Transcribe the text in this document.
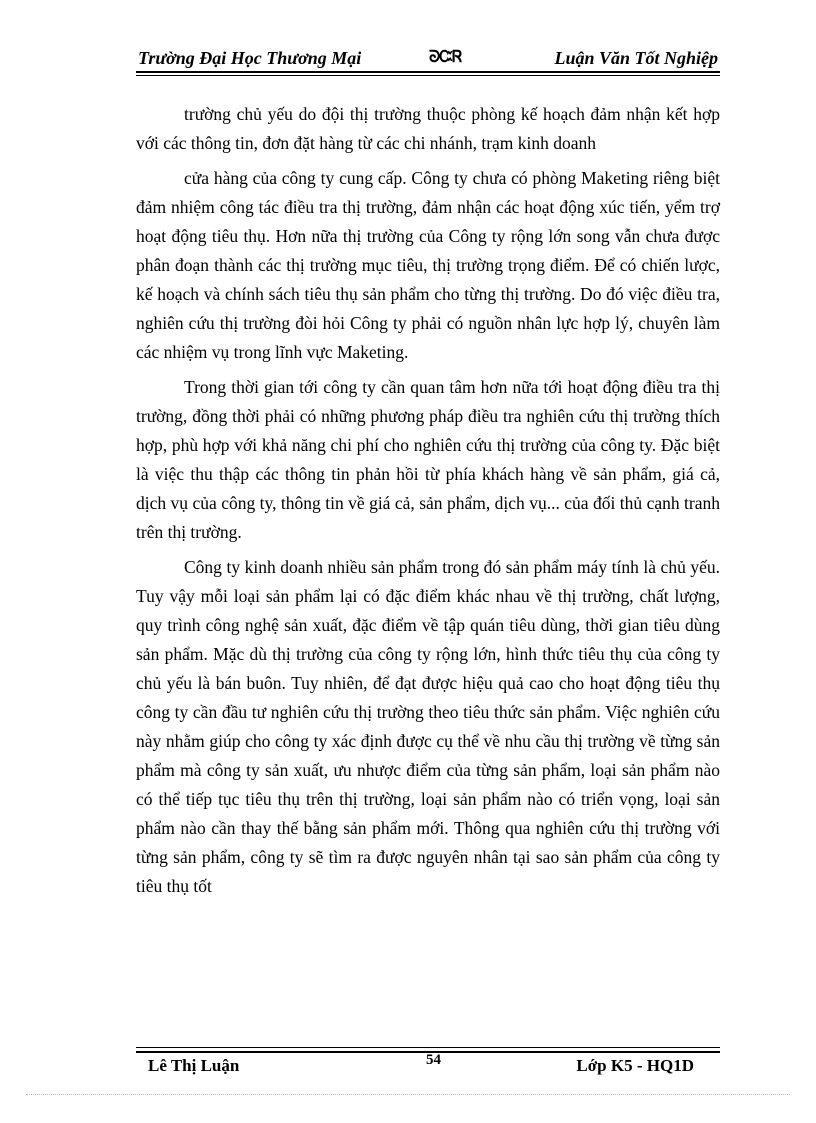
Trường Đại Học Thương Mại	ᘐᏨᏒ	Luận Văn Tốt Nghiệp

trường chủ yếu do đội thị trường thuộc phòng kế hoạch đảm nhận kết hợp với các thông tin, đơn đặt hàng từ các chi nhánh, trạm kinh doanh

cửa hàng của công ty cung cấp. Công ty chưa có phòng Maketing riêng biệt đảm nhiệm công tác điều tra thị trường, đảm nhận các hoạt động xúc tiến, yểm trợ hoạt động tiêu thụ. Hơn nữa thị trường của Công ty rộng lớn song vẫn chưa được phân đoạn thành các thị trường mục tiêu, thị trường trọng điểm. Để có chiến lược, kế hoạch và chính sách tiêu thụ sản phẩm cho từng thị trường. Do đó việc điều tra, nghiên cứu thị trường đòi hỏi Công ty phải có nguồn nhân lực hợp lý, chuyên làm các nhiệm vụ trong lĩnh vực Maketing.

Trong thời gian tới công ty cần quan tâm hơn nữa tới hoạt động điều tra thị trường, đồng thời phải có những phương pháp điều tra nghiên cứu thị trường thích hợp, phù hợp với khả năng chi phí cho nghiên cứu thị trường của công ty. Đặc biệt là việc thu thập các thông tin phản hồi từ phía khách hàng về sản phẩm, giá cả, dịch vụ của công ty, thông tin về giá cả, sản phẩm, dịch vụ... của đối thủ cạnh tranh trên thị trường.

Công ty kinh doanh nhiều sản phẩm trong đó sản phẩm máy tính là chủ yếu. Tuy vậy mỗi loại sản phẩm lại có đặc điểm khác nhau về thị trường, chất lượng, quy trình công nghệ sản xuất, đặc điểm về tập quán tiêu dùng, thời gian tiêu dùng sản phẩm. Mặc dù thị trường của công ty rộng lớn, hình thức tiêu thụ của công ty chủ yếu là bán buôn. Tuy nhiên, để đạt được hiệu quả cao cho hoạt động tiêu thụ công ty cần đầu tư nghiên cứu thị trường theo tiêu thức sản phẩm. Việc nghiên cứu này nhằm giúp cho công ty xác định được cụ thể về nhu cầu thị trường về từng sản phẩm mà công ty sản xuất, ưu nhược điểm của từng sản phẩm, loại sản phẩm nào có thể tiếp tục tiêu thụ trên thị trường, loại sản phẩm nào có triển vọng, loại sản phẩm nào cần thay thế bằng sản phẩm mới. Thông qua nghiên cứu thị trường với từng sản phẩm, công ty sẽ tìm ra được nguyên nhân tại sao sản phẩm của công ty tiêu thụ tốt

Lê Thị Luận	54	Lớp K5 - HQ1D
